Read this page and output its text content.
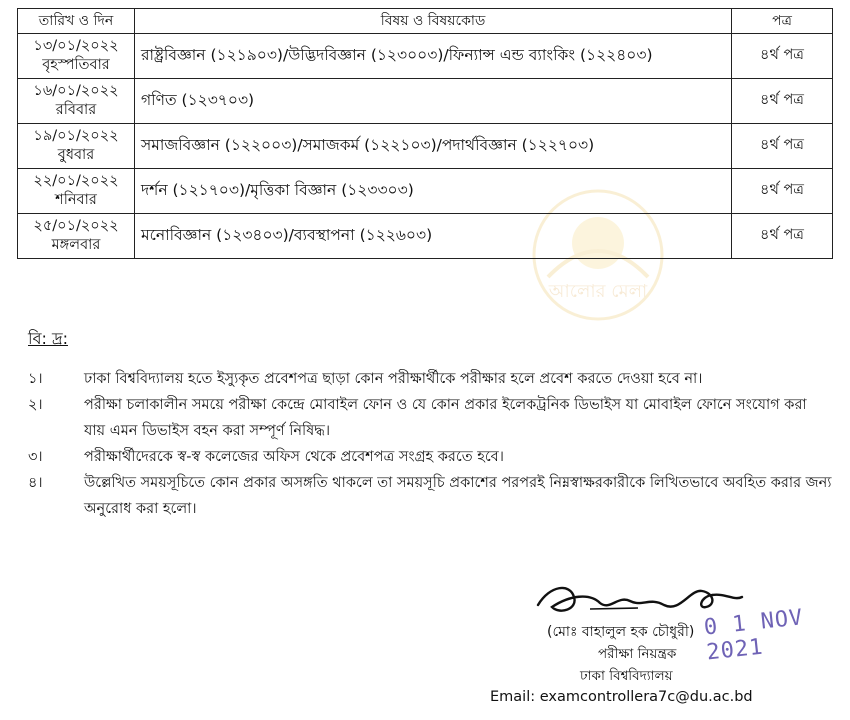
আলোর মেলা
তারিখ ও দিন	বিষয় ও বিষয়কোড	পত্র

১৩/০১/২০২২
বৃহস্পতিবার	রাষ্ট্রবিজ্ঞান (১২১৯০৩)/উদ্ভিদবিজ্ঞান (১২৩০০৩)/ফিন্যান্স এন্ড ব্যাংকিং (১২২৪০৩)	৪র্থ পত্র

১৬/০১/২০২২
রবিবার	গণিত (১২৩৭০৩)	৪র্থ পত্র

১৯/০১/২০২২
বুধবার	সমাজবিজ্ঞান (১২২০০৩)/সমাজকর্ম (১২২১০৩)/পদার্থবিজ্ঞান (১২২৭০৩)	৪র্থ পত্র

২২/০১/২০২২
শনিবার	দর্শন (১২১৭০৩)/মৃত্তিকা বিজ্ঞান (১২৩৩০৩)	৪র্থ পত্র

২৫/০১/২০২২
মঙ্গলবার	মনোবিজ্ঞান (১২৩৪০৩)/ব্যবস্থাপনা (১২২৬০৩)	৪র্থ পত্র
বি: দ্র:
১।	ঢাকা বিশ্ববিদ্যালয় হতে ইস্যুকৃত প্রবেশপত্র ছাড়া কোন পরীক্ষার্থীকে পরীক্ষার হলে প্রবেশ করতে দেওয়া হবে না।
২।	পরীক্ষা চলাকালীন সময়ে পরীক্ষা কেন্দ্রে মোবাইল ফোন ও যে কোন প্রকার ইলেকট্রনিক ডিভাইস যা মোবাইল ফোনে সংযোগ করা যায় এমন ডিভাইস বহন করা সম্পূর্ণ নিষিদ্ধ।
৩।	পরীক্ষার্থীদেরকে স্ব-স্ব কলেজের অফিস থেকে প্রবেশপত্র সংগ্রহ করতে হবে।
৪।	উল্লেখিত সময়সূচিতে কোন প্রকার অসঙ্গতি থাকলে তা সময়সূচি প্রকাশের পরপরই নিম্নস্বাক্ষরকারীকে লিখিতভাবে অবহিত করার জন্য অনুরোধ করা হলো।
(মোঃ বাহালুল হক চৌধুরী) 0 1 NOV 2021
পরীক্ষা নিয়ন্ত্রক
ঢাকা বিশ্ববিদ্যালয়
Email: examcontrollera7c@du.ac.bd
